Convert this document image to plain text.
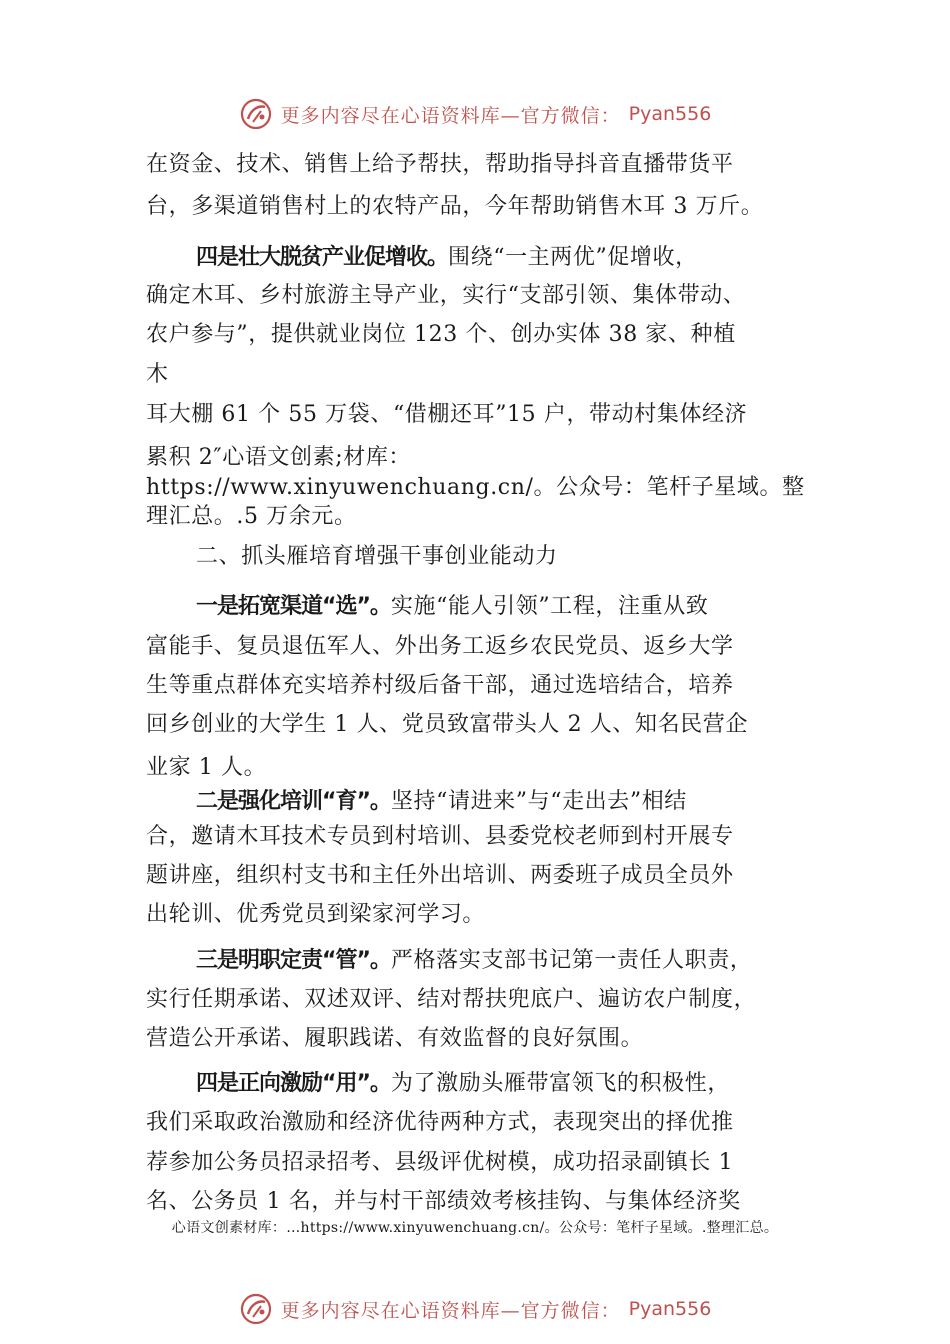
更多内容尽在心语资料库—官方微信： Pyan556
在资金、技术、销售上给予帮扶，帮助指导抖音直播带货平
台，多渠道销售村上的农特产品，今年帮助销售木耳 3 万斤。
四是壮大脱贫产业促增收。围绕“一主两优”促增收，
确定木耳、乡村旅游主导产业，实行“支部引领、集体带动、
农户参与”，提供就业岗位 123 个、创办实体 38 家、种植
木
耳大棚 61 个 55 万袋、“借棚还耳”15 户，带动村集体经济
累积 2″心语文创素;材库：
https://www.xinyuwenchuang.cn/。公众号：笔杆子星域。整
理汇总。.5 万余元。
二、抓头雁培育增强干事创业能动力
一是拓宽渠道“选”。实施“能人引领”工程，注重从致
富能手、复员退伍军人、外出务工返乡农民党员、返乡大学
生等重点群体充实培养村级后备干部，通过选培结合，培养
回乡创业的大学生 1 人、党员致富带头人 2 人、知名民营企
业家 1 人。
二是强化培训“育”。坚持“请进来”与“走出去”相结
合，邀请木耳技术专员到村培训、县委党校老师到村开展专
题讲座，组织村支书和主任外出培训、两委班子成员全员外
出轮训、优秀党员到梁家河学习。
三是明职定责“管”。严格落实支部书记第一责任人职责，
实行任期承诺、双述双评、结对帮扶兜底户、遍访农户制度，
营造公开承诺、履职践诺、有效监督的良好氛围。
四是正向激励“用”。为了激励头雁带富领飞的积极性，
我们采取政治激励和经济优待两种方式，表现突出的择优推
荐参加公务员招录招考、县级评优树模，成功招录副镇长 1
名、公务员 1 名，并与村干部绩效考核挂钩、与集体经济奖
心语文创素材库：…https://www.xinyuwenchuang.cn/。公众号：笔杆子星域。.整理汇总。
更多内容尽在心语资料库—官方微信： Pyan556
